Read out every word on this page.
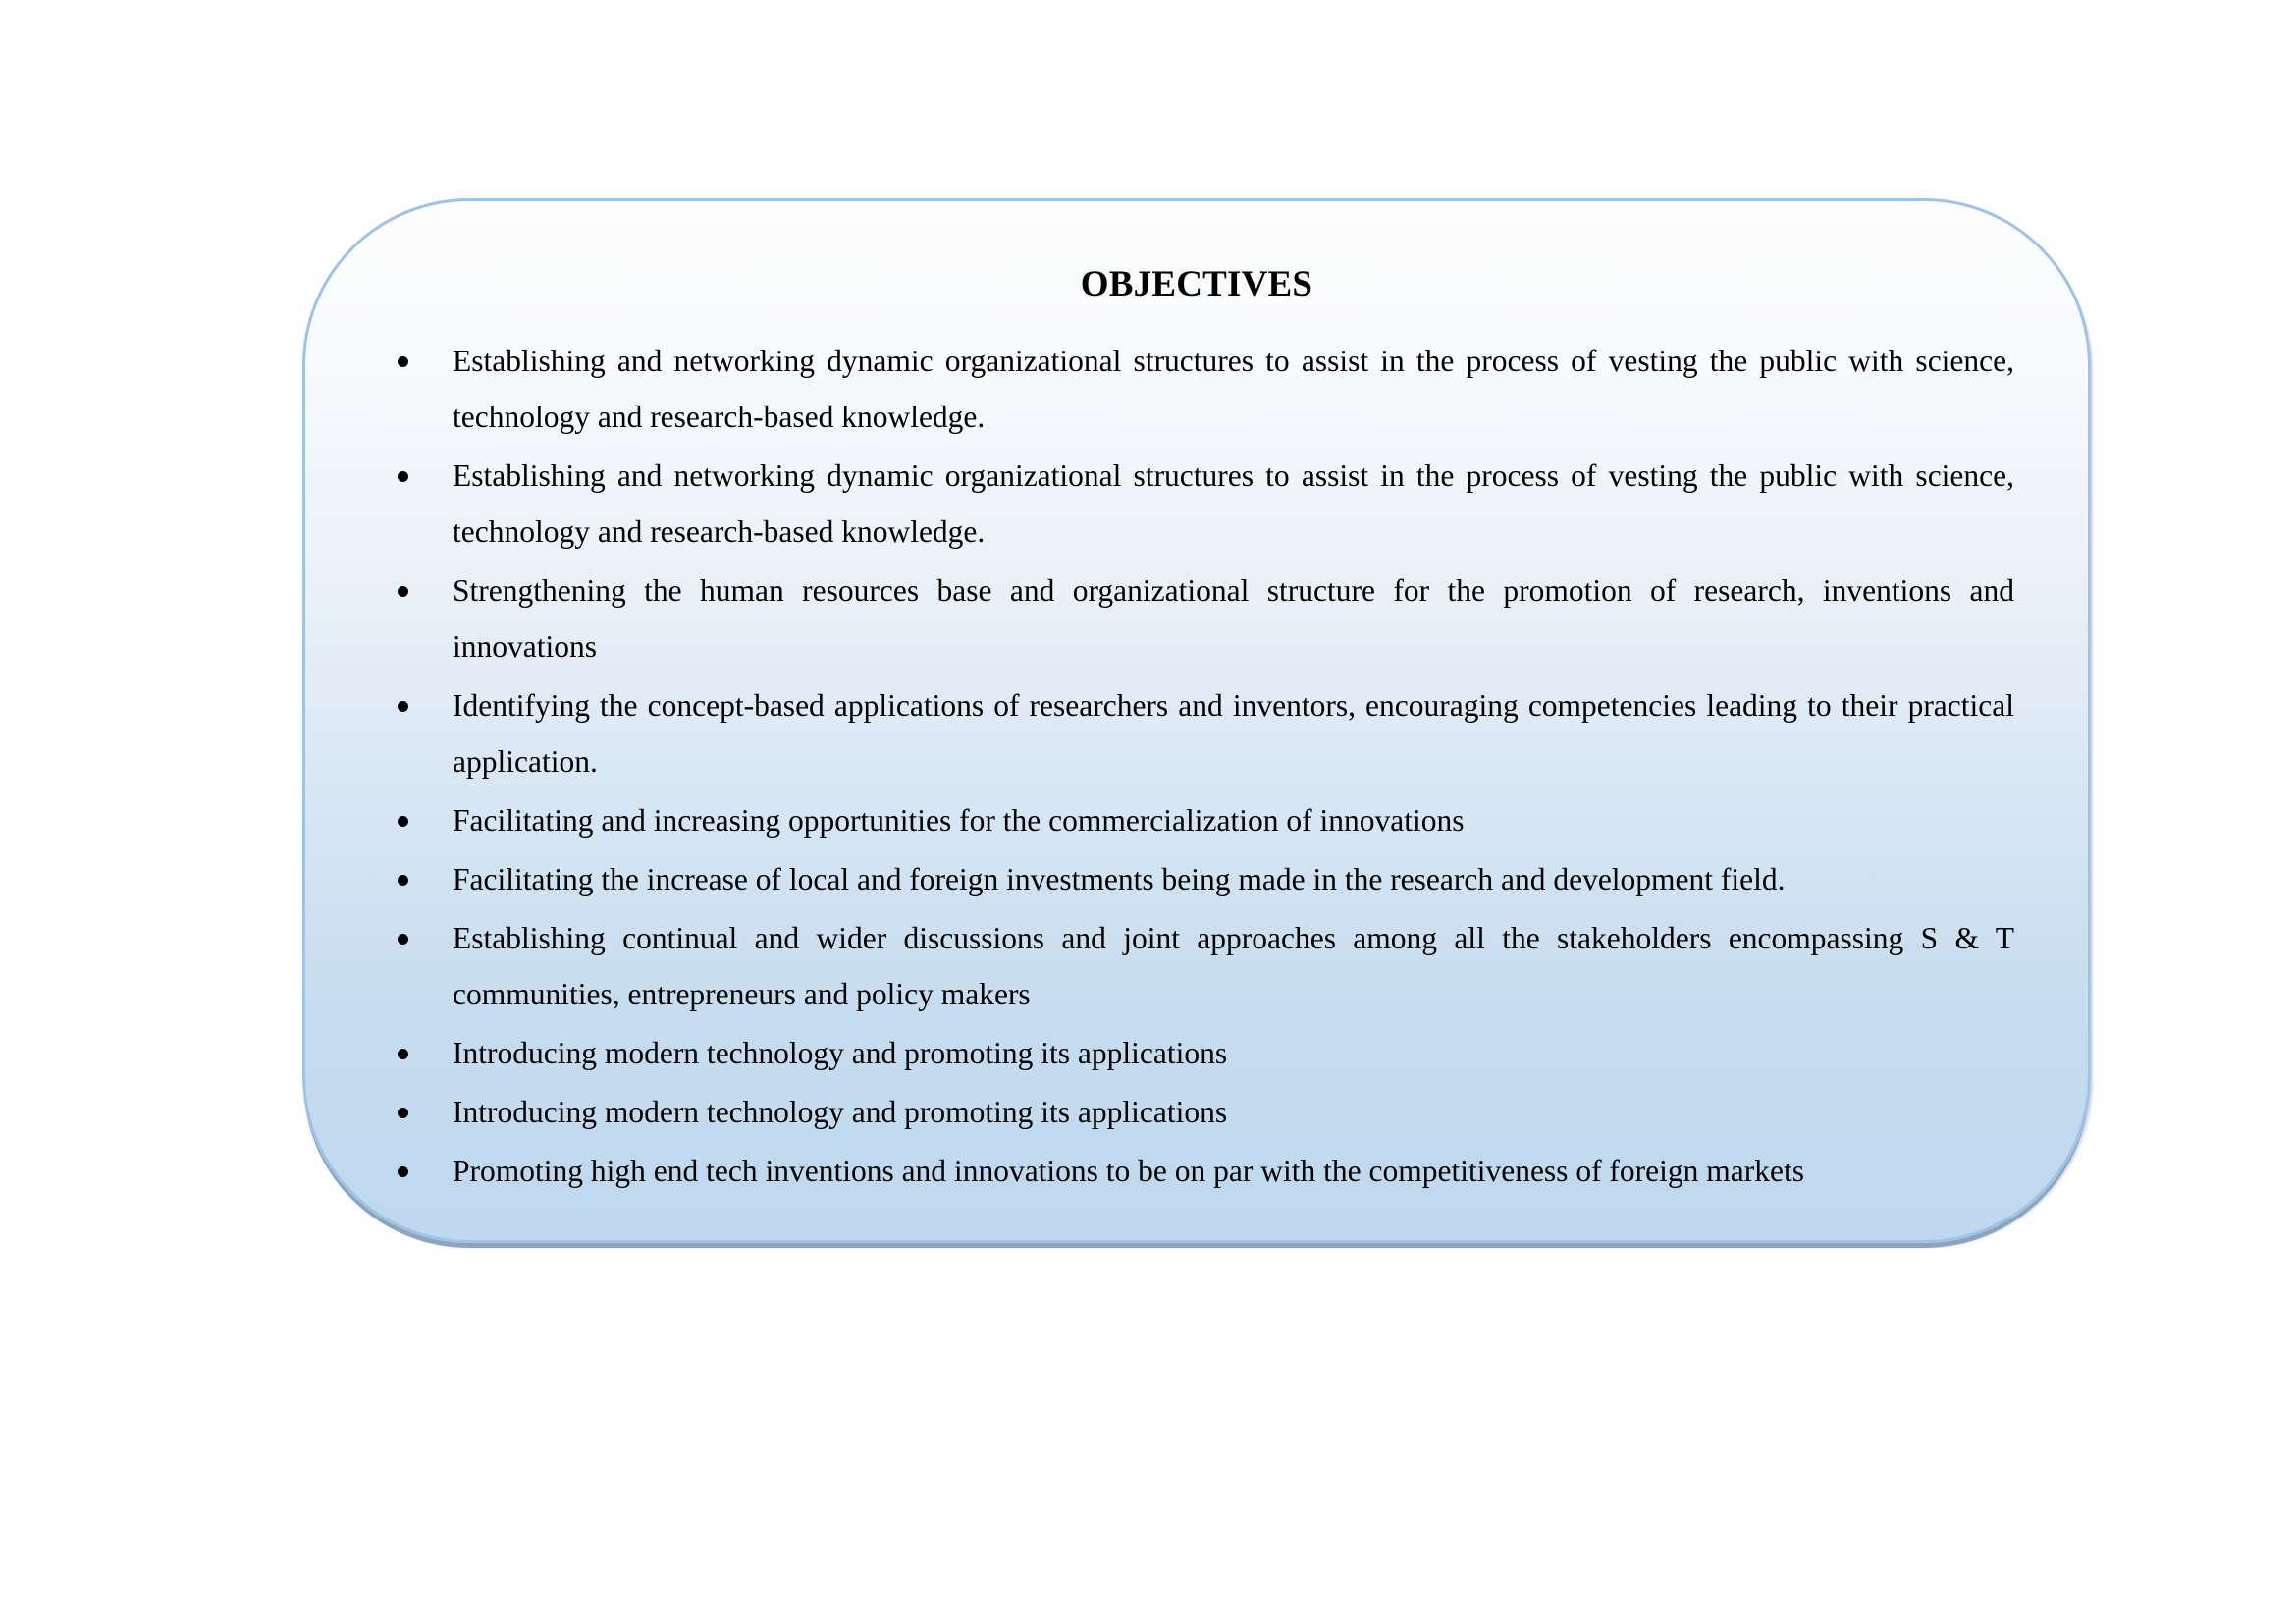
OBJECTIVES
Establishing and networking dynamic organizational structures to assist in the process of vesting the public with science, technology and research-based knowledge.
Establishing and networking dynamic organizational structures to assist in the process of vesting the public with science, technology and research-based knowledge.
Strengthening the human resources base and organizational structure for the promotion of research, inventions and innovations
Identifying the concept-based applications of researchers and inventors, encouraging competencies leading to their practical application.
Facilitating and increasing opportunities for the commercialization of innovations
Facilitating the increase of local and foreign investments being made in the research and development field.
Establishing continual and wider discussions and joint approaches among all the stakeholders encompassing S & T communities, entrepreneurs and policy makers
Introducing modern technology and promoting its applications
Introducing modern technology and promoting its applications
Promoting high end tech inventions and innovations to be on par with the competitiveness of foreign markets
